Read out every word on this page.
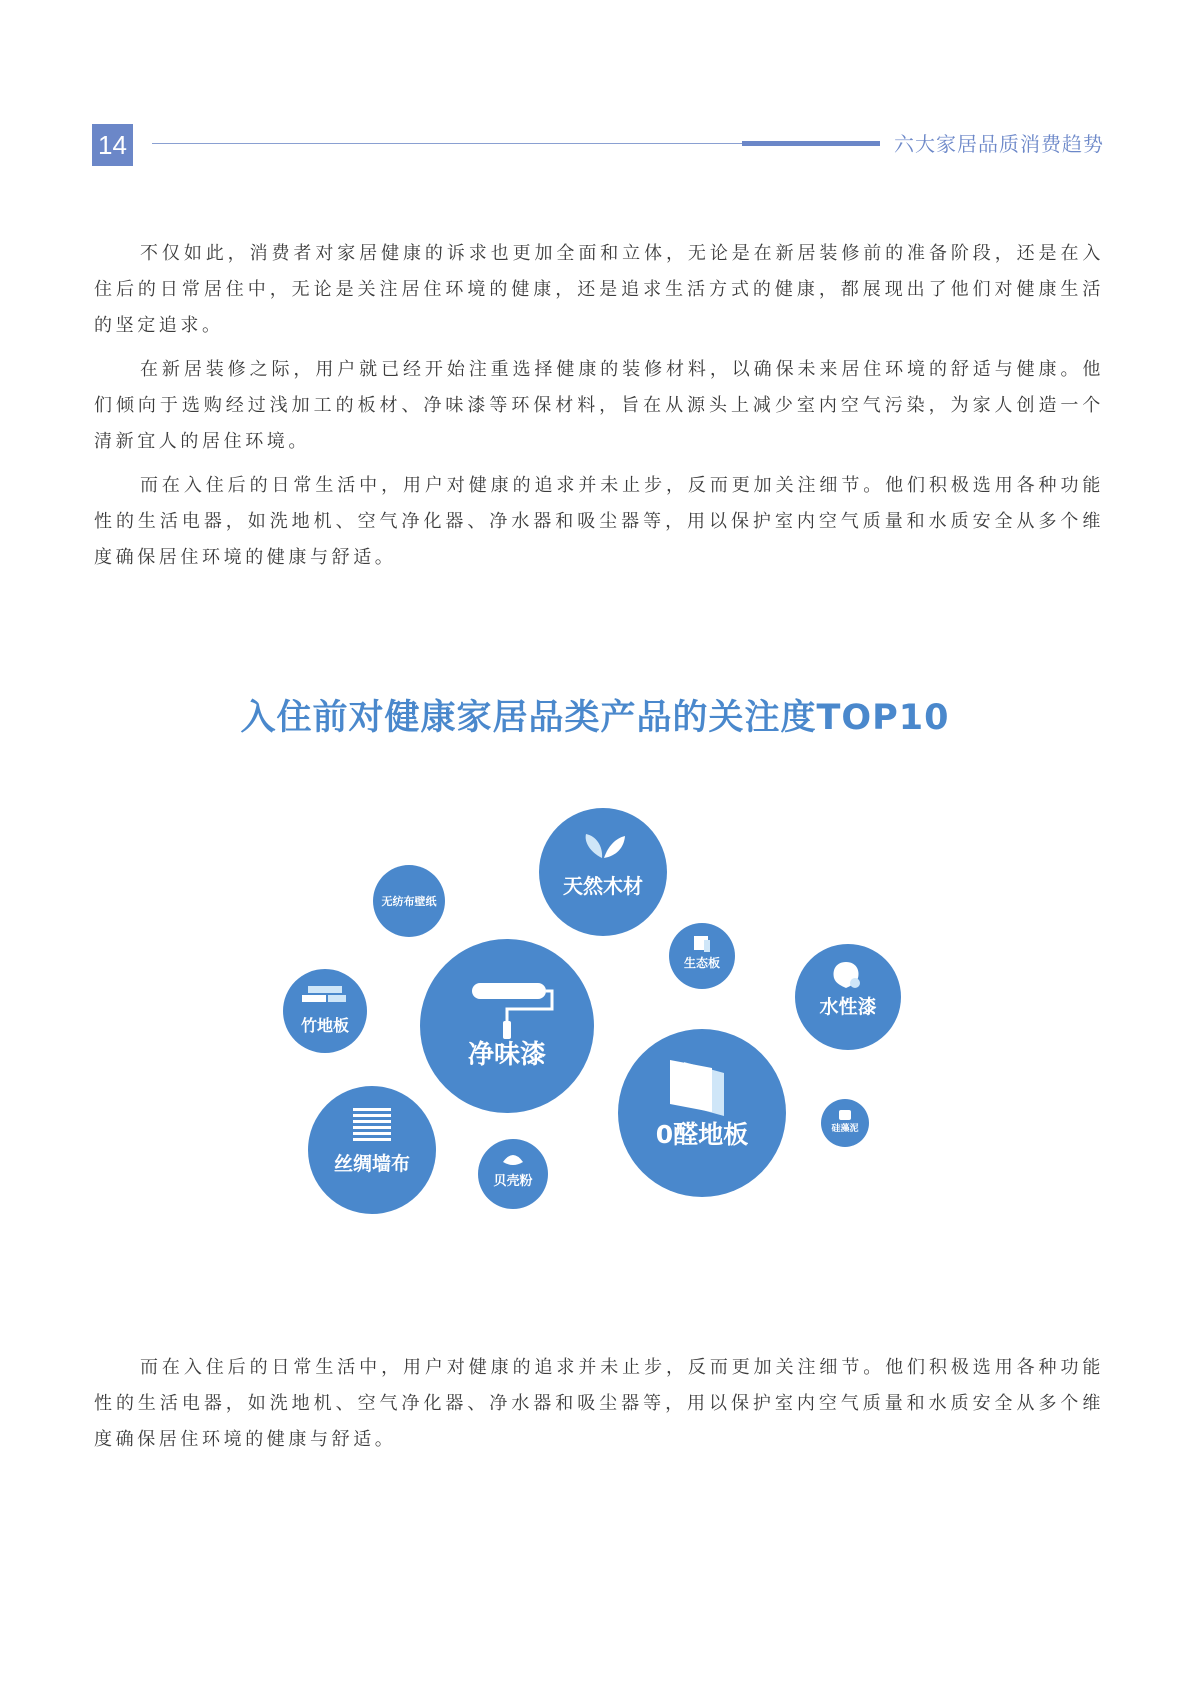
14	六大家居品质消费趋势

不仅如此，消费者对家居健康的诉求也更加全面和立体，无论是在新居装修前的准备阶段，还是在入住后的日常居住中，无论是关注居住环境的健康，还是追求生活方式的健康，都展现出了他们对健康生活的坚定追求。

在新居装修之际，用户就已经开始注重选择健康的装修材料，以确保未来居住环境的舒适与健康。他们倾向于选购经过浅加工的板材、净味漆等环保材料，旨在从源头上减少室内空气污染，为家人创造一个清新宜人的居住环境。

而在入住后的日常生活中，用户对健康的追求并未止步，反而更加关注细节。他们积极选用各种功能性的生活电器，如洗地机、空气净化器、净水器和吸尘器等，用以保护室内空气质量和水质安全从多个维度确保居住环境的健康与舒适。

入住前对健康家居品类产品的关注度TOP10
净味漆
0醛地板
天然木材
丝绸墙布
水性漆
竹地板
无纺布壁纸
贝壳粉
生态板
硅藻泥

而在入住后的日常生活中，用户对健康的追求并未止步，反而更加关注细节。他们积极选用各种功能性的生活电器，如洗地机、空气净化器、净水器和吸尘器等，用以保护室内空气质量和水质安全从多个维度确保居住环境的健康与舒适。
